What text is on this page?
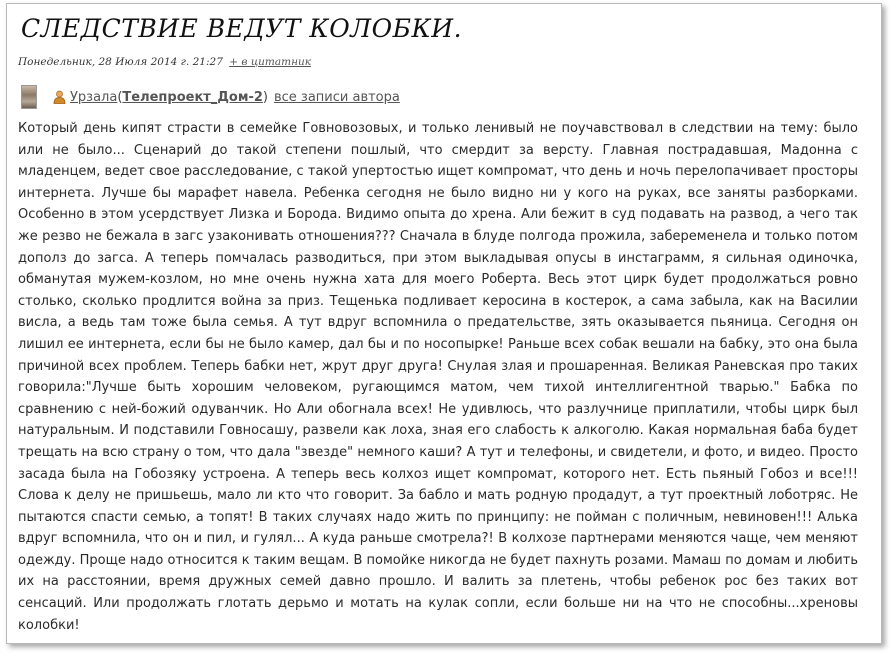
СЛЕДСТВИЕ ВЕДУТ КОЛОБКИ.
Понедельник, 28 Июля 2014 г. 21:27 + в цитатник
Урзала ( Телепроект_Дом-2 ) все записи автора

Который день кипят страсти в семейке Говновозовых, и только ленивый не поучавствовал в следствии на тему: было или не было... Сценарий до такой степени пошлый, что смердит за версту. Главная пострадавшая, Мадонна с младенцем, ведет свое расследование, с такой упертостью ищет компромат, что день и ночь перелопачивает просторы интернета. Лучше бы марафет навела. Ребенка сегодня не было видно ни у кого на руках, все заняты разборками. Особенно в этом усердствует Лизка и Борода. Видимо опыта до хрена. Али бежит в суд подавать на развод, а чего так же резво не бежала в загс узаконивать отношения??? Сначала в блуде полгода прожила, забеременела и только потом дополз до загса. А теперь помчалась разводиться, при этом выкладывая опусы в инстаграмм, я сильная одиночка, обманутая мужем-козлом, но мне очень нужна хата для моего Роберта. Весь этот цирк будет продолжаться ровно столько, сколько продлится война за приз. Тещенька подливает керосина в костерок, а сама забыла, как на Василии висла, а ведь там тоже была семья. А тут вдруг вспомнила о предательстве, зять оказывается пьяница. Сегодня он лишил ее интернета, если бы не было камер, дал бы и по носопырке! Раньше всех собак вешали на бабку, это она была причиной всех проблем. Теперь бабки нет, жрут друг друга! Снулая злая и прошаренная. Великая Раневская про таких говорила:"Лучше быть хорошим человеком, ругающимся матом, чем тихой интеллигентной тварью." Бабка по сравнению с ней-божий одуванчик. Но Али обогнала всех! Не удивлюсь, что разлучнице приплатили, чтобы цирк был натуральным. И подставили Говносашу, развели как лоха, зная его слабость к алкоголю. Какая нормальная баба будет трещать на всю страну о том, что дала "звезде" немного каши? А тут и телефоны, и свидетели, и фото, и видео. Просто засада была на Гобозяку устроена. А теперь весь колхоз ищет компромат, которого нет. Есть пьяный Гобоз и все!!! Слова к делу не пришьешь, мало ли кто что говорит. За бабло и мать родную продадут, а тут проектный лоботряс. Не пытаются спасти семью, а топят! В таких случаях надо жить по принципу: не пойман с поличным, невиновен!!! Алька вдруг вспомнила, что он и пил, и гулял... А куда раньше смотрела?! В колхозе партнерами меняются чаще, чем меняют одежду. Проще надо относится к таким вещам. В помойке никогда не будет пахнуть розами. Мамаш по домам и любить их на расстоянии, время дружных семей давно прошло. И валить за плетень, чтобы ребенок рос без таких вот сенсаций. Или продолжать глотать дерьмо и мотать на кулак сопли, если больше ни на что не способны...хреновы колобки!
